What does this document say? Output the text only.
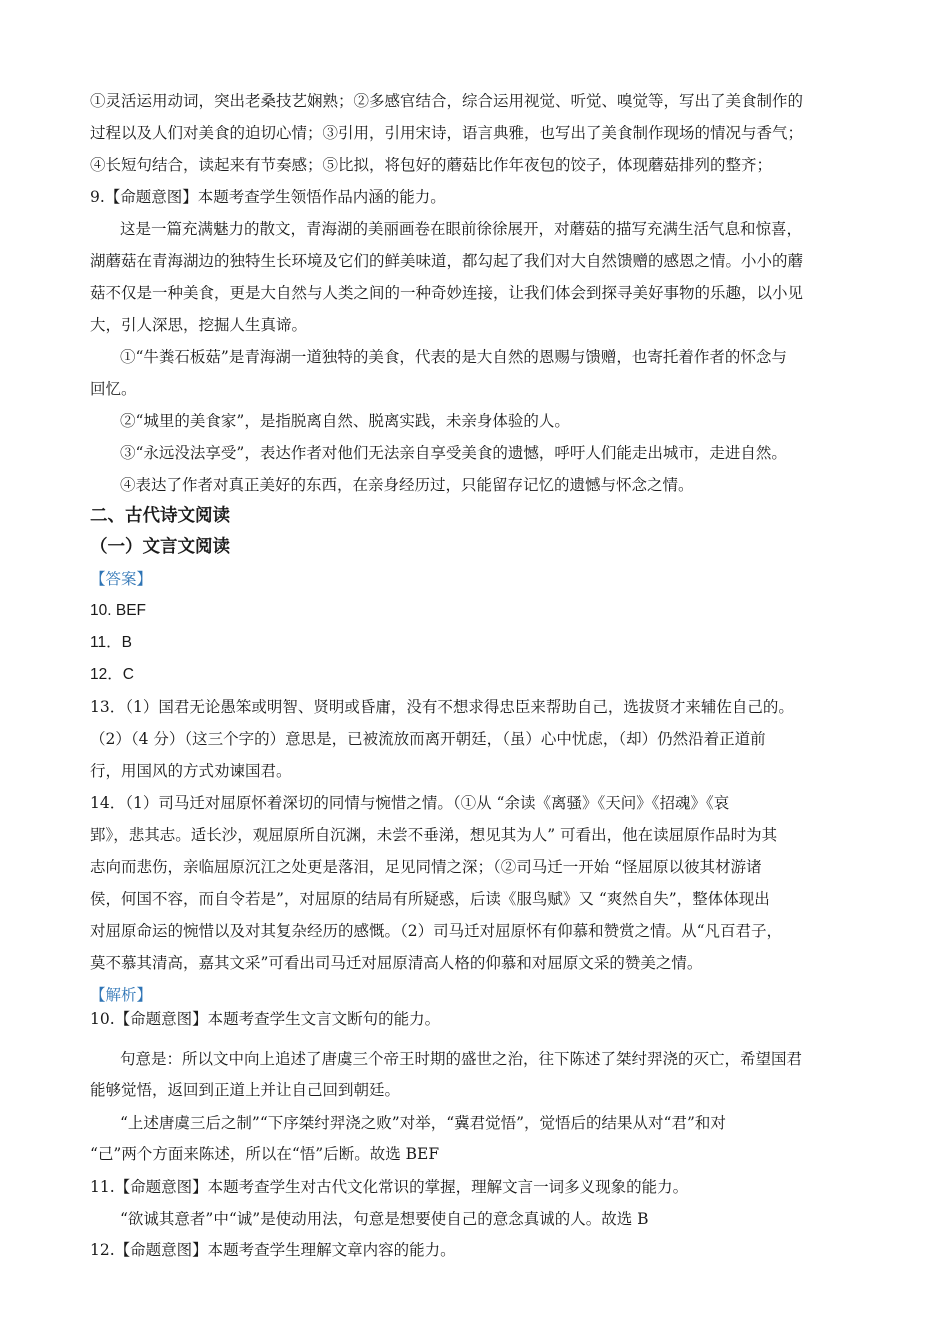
①灵活运用动词，突出老桑技艺娴熟；②多感官结合，综合运用视觉、听觉、嗅觉等，写出了美食制作的
过程以及人们对美食的迫切心情；③引用，引用宋诗，语言典雅，也写出了美食制作现场的情况与香气；
④长短句结合，读起来有节奏感；⑤比拟，将包好的蘑菇比作年夜包的饺子，体现蘑菇排列的整齐；
9.【命题意图】本题考查学生领悟作品内涵的能力。
这是一篇充满魅力的散文，青海湖的美丽画卷在眼前徐徐展开，对蘑菇的描写充满生活气息和惊喜，
湖蘑菇在青海湖边的独特生长环境及它们的鲜美味道，都勾起了我们对大自然馈赠的感恩之情。小小的蘑
菇不仅是一种美食，更是大自然与人类之间的一种奇妙连接，让我们体会到探寻美好事物的乐趣，以小见
大，引人深思，挖掘人生真谛。
①“牛粪石板菇”是青海湖一道独特的美食，代表的是大自然的恩赐与馈赠，也寄托着作者的怀念与
回忆。
②“城里的美食家”，是指脱离自然、脱离实践，未亲身体验的人。
③“永远没法享受”，表达作者对他们无法亲自享受美食的遗憾，呼吁人们能走出城市，走进自然。
④表达了作者对真正美好的东西，在亲身经历过，只能留存记忆的遗憾与怀念之情。
二、古代诗文阅读
（一）文言文阅读
【答案】
10. BEF
11．B
12．C
13．（1）国君无论愚笨或明智、贤明或昏庸，没有不想求得忠臣来帮助自己，选拔贤才来辅佐自己的。
（2）（4 分）（这三个字的）意思是，已被流放而离开朝廷，（虽）心中忧虑，（却）仍然沿着正道前
行，用国风的方式劝谏国君。
14．（1）司马迁对屈原怀着深切的同情与惋惜之情。（①从 “余读《离骚》《天问》《招魂》《哀
郢》，悲其志。适长沙，观屈原所自沉渊，未尝不垂涕，想见其为人” 可看出，他在读屈原作品时为其
志向而悲伤，亲临屈原沉江之处更是落泪，足见同情之深；（②司马迁一开始 “怪屈原以彼其材游诸
侯，何国不容，而自令若是”，对屈原的结局有所疑惑，后读《服鸟赋》又 “爽然自失”，整体体现出
对屈原命运的惋惜以及对其复杂经历的感慨。（2）司马迁对屈原怀有仰慕和赞赏之情。从“凡百君子，
莫不慕其清高，嘉其文采”可看出司马迁对屈原清高人格的仰慕和对屈原文采的赞美之情。
【解析】
10.【命题意图】本题考查学生文言文断句的能力。
句意是：所以文中向上追述了唐虞三个帝王时期的盛世之治，往下陈述了桀纣羿浇的灭亡，希望国君
能够觉悟，返回到正道上并让自己回到朝廷。
“上述唐虞三后之制”“下序桀纣羿浇之败”对举，“冀君觉悟”，觉悟后的结果从对“君”和对
“己”两个方面来陈述，所以在“悟”后断。故选 BEF
11.【命题意图】本题考查学生对古代文化常识的掌握，理解文言一词多义现象的能力。
“欲诚其意者”中“诚”是使动用法，句意是想要使自己的意念真诚的人。故选 B
12.【命题意图】本题考查学生理解文章内容的能力。
